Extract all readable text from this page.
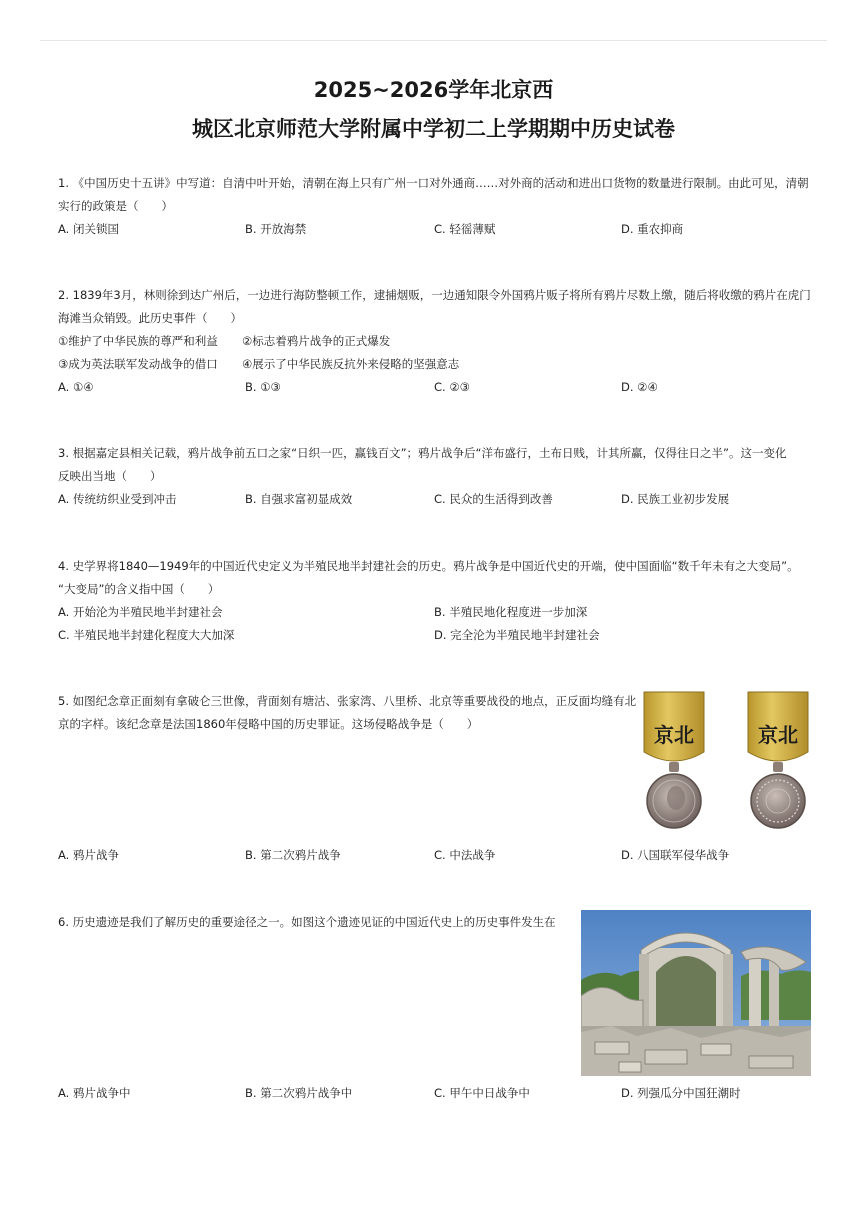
2025~2026学年北京西
城区北京师范大学附属中学初二上学期期中历史试卷
1. 《中国历史十五讲》中写道：自清中叶开始，清朝在海上只有广州一口对外通商……对外商的活动和进出口货物的数量进行限制。由此可见，清朝
实行的政策是（　　）
A. 闭关锁国	B. 开放海禁	C. 轻徭薄赋	D. 重农抑商
2. 1839年3月，林则徐到达广州后，一边进行海防整顿工作，逮捕烟贩，一边通知限令外国鸦片贩子将所有鸦片尽数上缴，随后将收缴的鸦片在虎门
海滩当众销毁。此历史事件（　　）
①维护了中华民族的尊严和利益 ②标志着鸦片战争的正式爆发
③成为英法联军发动战争的借口 ④展示了中华民族反抗外来侵略的坚强意志
A. ①④	B. ①③	C. ②③	D. ②④
3. 根据嘉定县相关记载，鸦片战争前五口之家“日织一匹，赢钱百文”；鸦片战争后“洋布盛行，土布日贱，计其所赢，仅得往日之半”。这一变化
反映出当地（　　）
A. 传统纺织业受到冲击	B. 自强求富初显成效	C. 民众的生活得到改善	D. 民族工业初步发展
4. 史学界将1840—1949年的中国近代史定义为半殖民地半封建社会的历史。鸦片战争是中国近代史的开端，使中国面临“数千年未有之大变局”。
“大变局”的含义指中国（　　）
A. 开始沦为半殖民地半封建社会	B. 半殖民地化程度进一步加深
C. 半殖民地半封建化程度大大加深	D. 完全沦为半殖民地半封建社会
5. 如图纪念章正面刻有拿破仑三世像，背面刻有塘沽、张家湾、八里桥、北京等重要战役的地点，正反面均缝有北
京的字样。该纪念章是法国1860年侵略中国的历史罪证。这场侵略战争是（　　）	京北	京北
A. 鸦片战争	B. 第二次鸦片战争	C. 中法战争	D. 八国联军侵华战争
6. 历史遗迹是我们了解历史的重要途径之一。如图这个遗迹见证的中国近代史上的历史事件发生在
A. 鸦片战争中	B. 第二次鸦片战争中	C. 甲午中日战争中	D. 列强瓜分中国狂潮时
